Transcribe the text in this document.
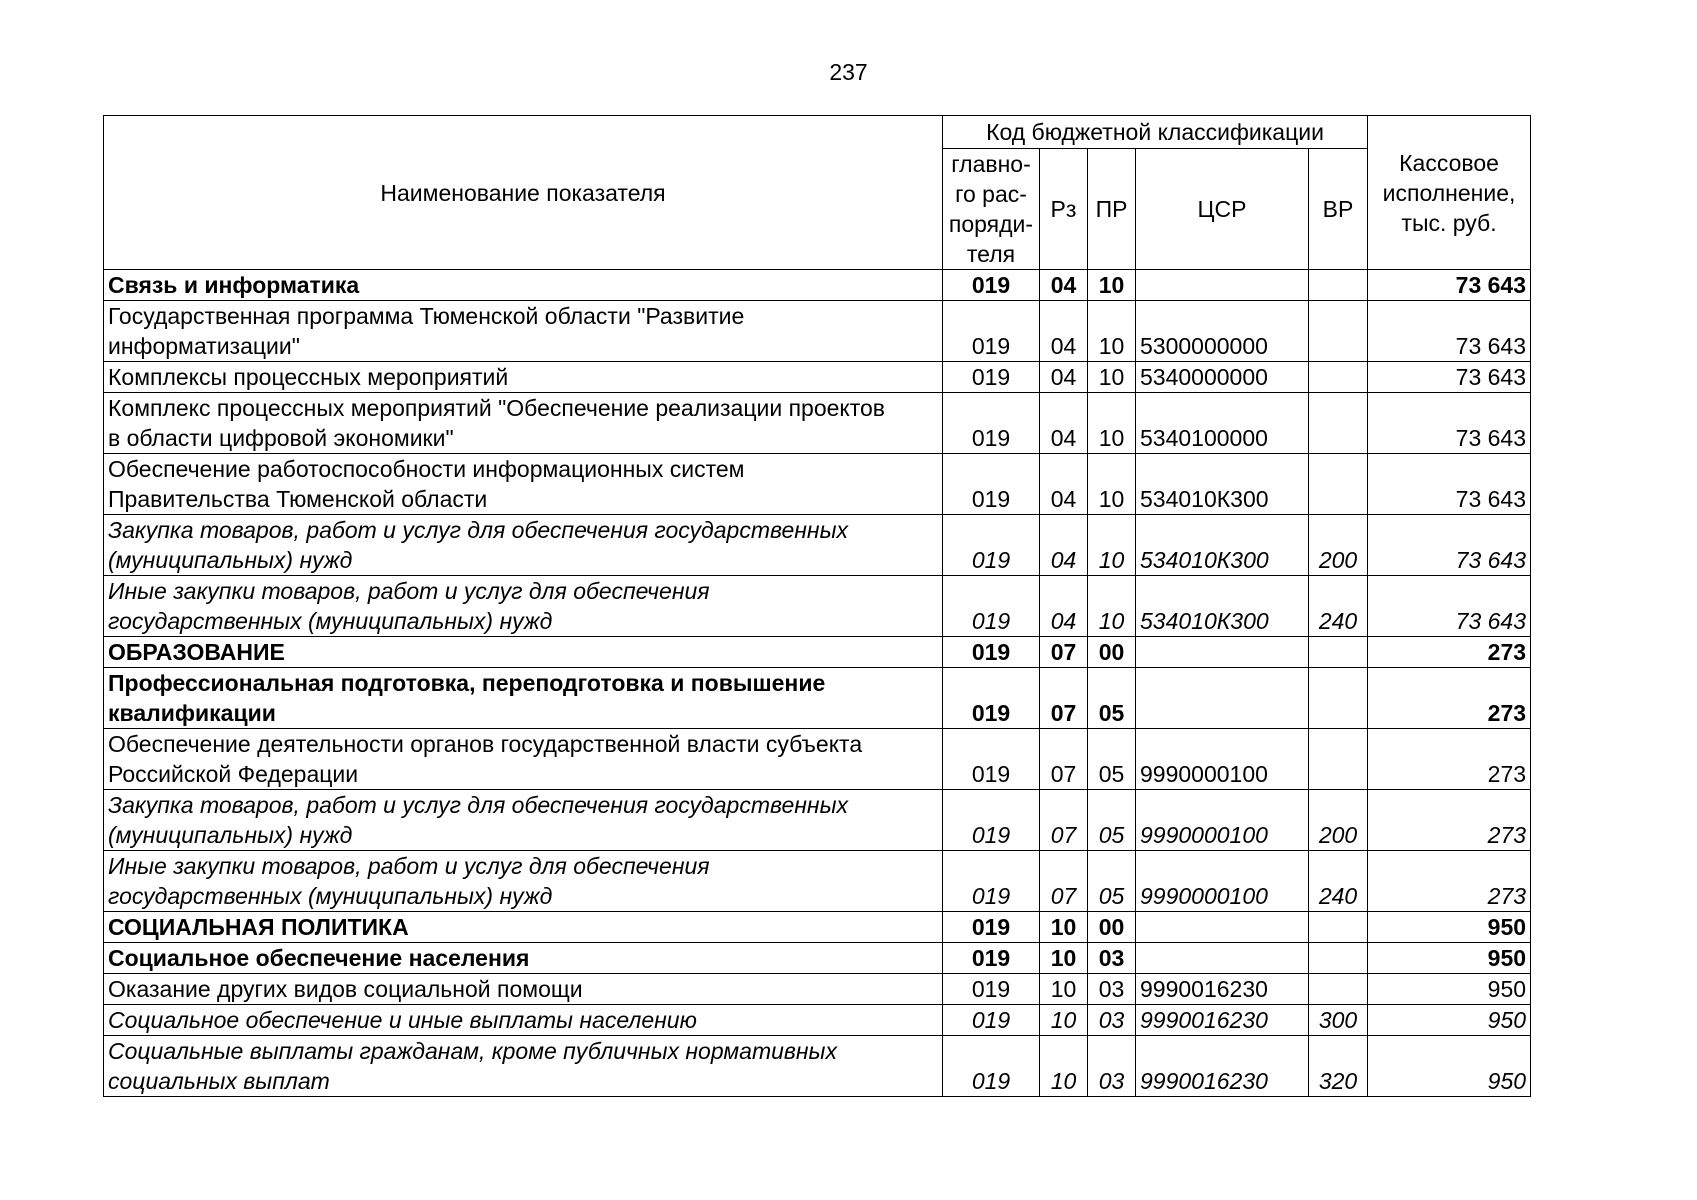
237
Наименование показателя	Код бюджетной классификации					Кассовое
исполнение,
тыс. руб.

	главно-
го рас-
поряди-
теля	Рз	ПР	ЦСР	ВР	

Связь и информатика	019	04	10			73 643

Государственная программа Тюменской области "Развитие
информатизации"	019	04	10	5300000000		73 643

Комплексы процессных мероприятий	019	04	10	5340000000		73 643

Комплекс процессных мероприятий "Обеспечение реализации проектов
в области цифровой экономики"	019	04	10	5340100000		73 643

Обеспечение работоспособности информационных систем
Правительства Тюменской области	019	04	10	534010К300		73 643

Закупка товаров, работ и услуг для обеспечения государственных
(муниципальных) нужд	019	04	10	534010К300	200	73 643

Иные закупки товаров, работ и услуг для обеспечения
государственных (муниципальных) нужд	019	04	10	534010К300	240	73 643

ОБРАЗОВАНИЕ	019	07	00			273

Профессиональная подготовка, переподготовка и повышение
квалификации	019	07	05			273

Обеспечение деятельности органов государственной власти субъекта
Российской Федерации	019	07	05	9990000100		273

Закупка товаров, работ и услуг для обеспечения государственных
(муниципальных) нужд	019	07	05	9990000100	200	273

Иные закупки товаров, работ и услуг для обеспечения
государственных (муниципальных) нужд	019	07	05	9990000100	240	273

СОЦИАЛЬНАЯ ПОЛИТИКА	019	10	00			950

Социальное обеспечение населения	019	10	03			950

Оказание других видов социальной помощи	019	10	03	9990016230		950

Социальное обеспечение и иные выплаты населению	019	10	03	9990016230	300	950

Социальные выплаты гражданам, кроме публичных нормативных
социальных выплат	019	10	03	9990016230	320	950
